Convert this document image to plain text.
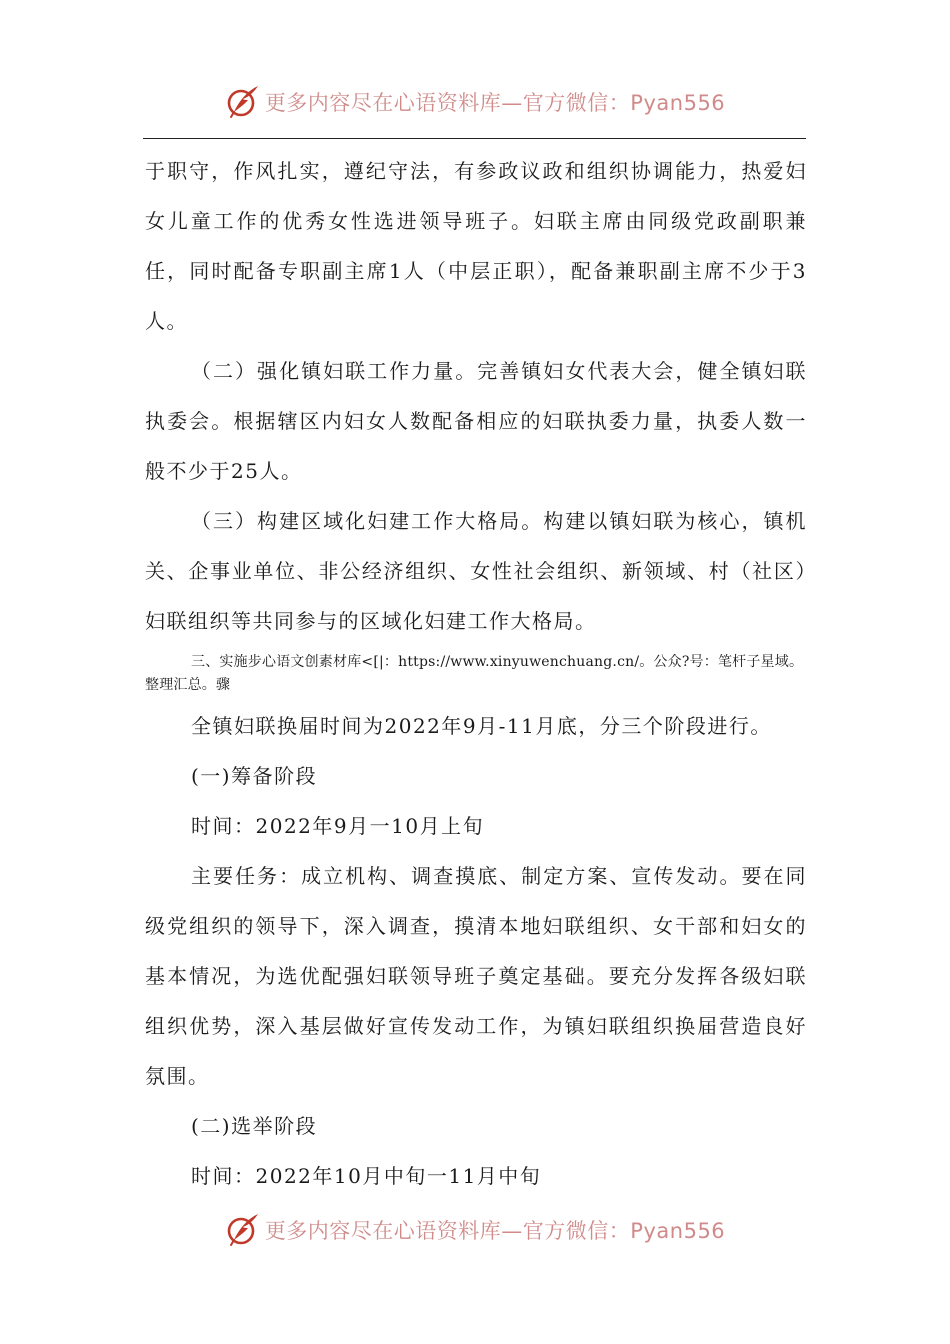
更多内容尽在心语资料库—官方微信：Pyan556

于职守，作风扎实，遵纪守法，有参政议政和组织协调能力，热爱妇女儿童工作的优秀女性选进领导班子。妇联主席由同级党政副职兼任，同时配备专职副主席1人（中层正职），配备兼职副主席不少于3人。

（二）强化镇妇联工作力量。完善镇妇女代表大会，健全镇妇联执委会。根据辖区内妇女人数配备相应的妇联执委力量，执委人数一般不少于25人。

（三）构建区域化妇建工作大格局。构建以镇妇联为核心，镇机关、企事业单位、非公经济组织、女性社会组织、新领域、村（社区）妇联组织等共同参与的区域化妇建工作大格局。

三、实施步心语文创素材库<[|：https://www.xinyuwenchuang.cn/。公众?号：笔杆子星域。整理汇总。骤

全镇妇联换届时间为2022年9月-11月底，分三个阶段进行。

(一)筹备阶段

时间：2022年9月一10月上旬

主要任务：成立机构、调查摸底、制定方案、宣传发动。要在同级党组织的领导下，深入调查，摸清本地妇联组织、女干部和妇女的基本情况，为选优配强妇联领导班子奠定基础。要充分发挥各级妇联组织优势，深入基层做好宣传发动工作，为镇妇联组织换届营造良好氛围。

(二)选举阶段

时间：2022年10月中旬一11月中旬

更多内容尽在心语资料库—官方微信：Pyan556
